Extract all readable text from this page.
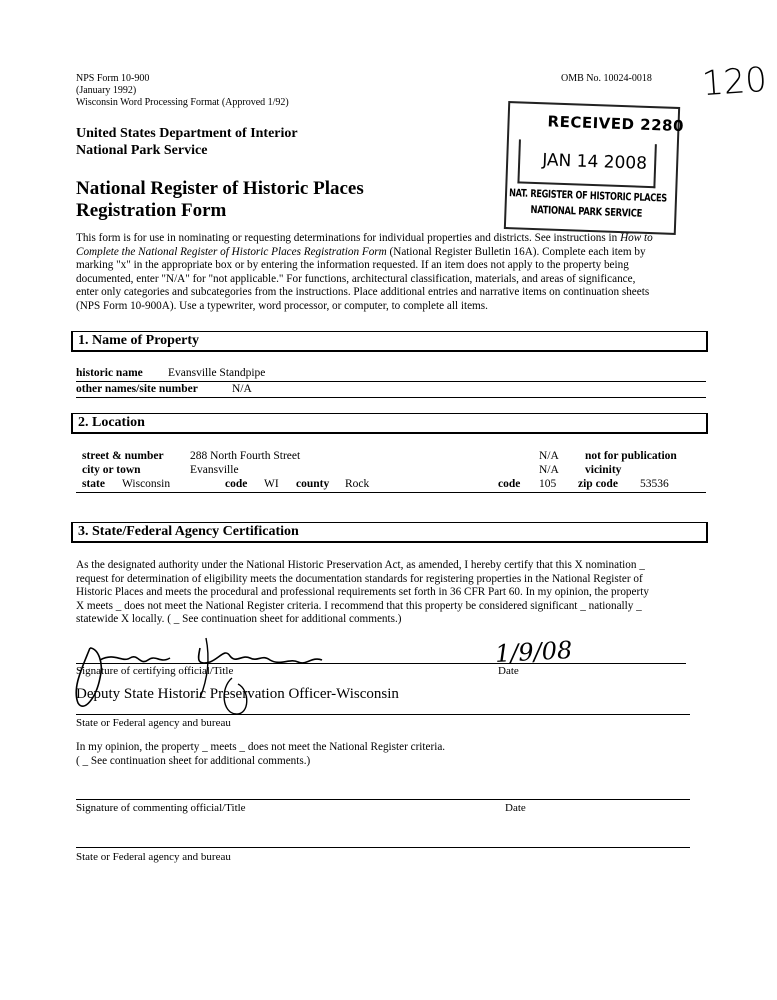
NPS Form 10-900
(January 1992)
Wisconsin Word Processing Format (Approved 1/92)
OMB No. 10024-0018 120
United States Department of Interior
National Park Service
RECEIVED 2280
JAN 14 2008
NAT. REGISTER OF HISTORIC PLACES
NATIONAL PARK SERVICE
National Register of Historic Places
Registration Form
This form is for use in nominating or requesting determinations for individual properties and districts. See instructions in How to
Complete the National Register of Historic Places Registration Form (National Register Bulletin 16A). Complete each item by
marking "x" in the appropriate box or by entering the information requested. If an item does not apply to the property being
documented, enter "N/A" for "not applicable." For functions, architectural classification, materials, and areas of significance,
enter only categories and subcategories from the instructions. Place additional entries and narrative items on continuation sheets
(NPS Form 10-900A). Use a typewriter, word processor, or computer, to complete all items.
1. Name of Property
historic name Evansville Standpipe
other names/site number	N/A
2. Location
street & number 288 North Fourth Street	N/A not for publication
city or town	Evansville	N/A vicinity
state Wisconsin	code WI county Rock	code 105 zip code 53536
3. State/Federal Agency Certification
As the designated authority under the National Historic Preservation Act, as amended, I hereby certify that this X nomination _
request for determination of eligibility meets the documentation standards for registering properties in the National Register of
Historic Places and meets the procedural and professional requirements set forth in 36 CFR Part 60. In my opinion, the property
X meets _ does not meet the National Register criteria. I recommend that this property be considered significant _ nationally _
statewide X locally. ( _ See continuation sheet for additional comments.)
1/9/08
Signature of certifying official/Title	Date
Deputy State Historic Preservation Officer-Wisconsin
State or Federal agency and bureau
In my opinion, the property _ meets _ does not meet the National Register criteria.
( _ See continuation sheet for additional comments.)
Signature of commenting official/Title	Date
State or Federal agency and bureau
